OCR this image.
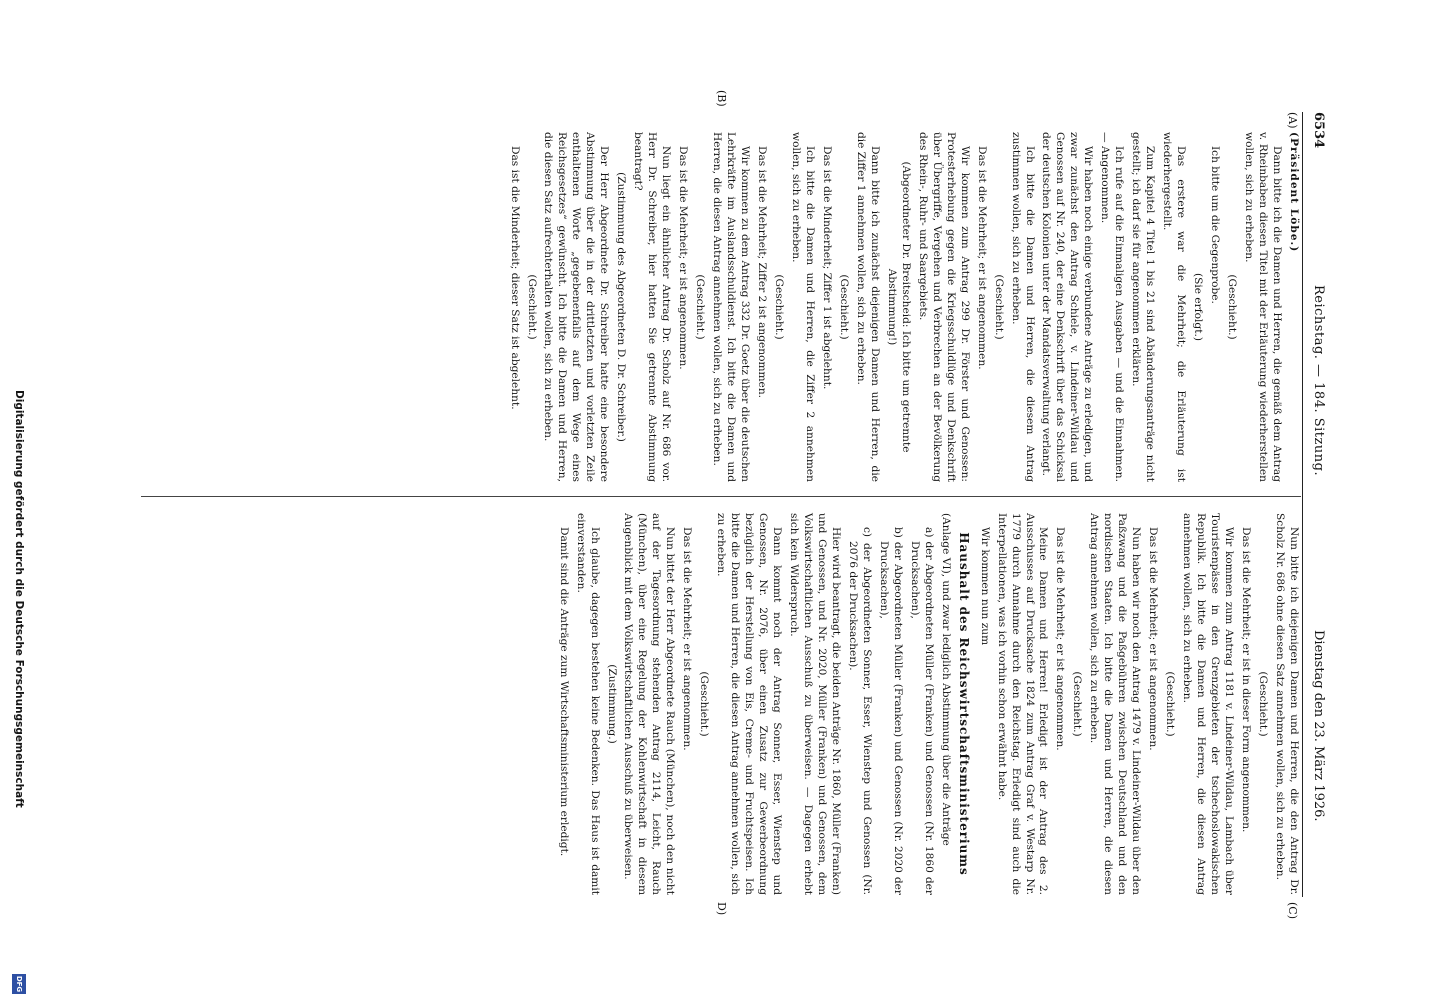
6534
Reichstag. — 184. Sitzung.
Dienstag den 23. März 1926.
(A)
(B)
(C)
D)

(Präsident Löbe.)

Dann bitte ich die Damen und Herren, die gemäß dem Antrag v. Rheinbaben diesen Titel mit der Erläuterung wiederherstellen wollen, sich zu erheben.

(Geschieht.)

Ich bitte um die Gegenprobe.

(Sie erfolgt.)

Das erstere war die Mehrheit; die Erläuterung ist wiederhergestellt.

Zum Kapitel 4 Titel 1 bis 21 sind Abänderungsanträge nicht gestellt; ich darf sie für angenommen erklären.

Ich rufe auf die Einmaligen Ausgaben — und die Einnahmen. — Angenommen.

Wir haben noch einige verbundene Anträge zu erledigen, und zwar zunächst den Antrag Schiele, v. Lindeiner-Wildau und Genossen auf Nr. 240, der eine Denkschrift über das Schicksal der deutschen Kolonien unter der Mandatsverwaltung verlangt.

Ich bitte die Damen und Herren, die diesem Antrag zustimmen wollen, sich zu erheben.

(Geschieht.)

Das ist die Mehrheit; er ist angenommen.

Wir kommen zum Antrag 299 Dr. Förster und Genossen: Protesterhebung gegen die Kriegsschuldlüge und Denkschrift über Übergriffe, Vergehen und Verbrechen an der Bevölkerung des Rhein-, Ruhr- und Saargebiets.

(Abgeordneter Dr. Breitscheid: Ich bitte um getrennte Abstimmung!)

Dann bitte ich zunächst diejenigen Damen und Herren, die die Ziffer 1 annehmen wollen, sich zu erheben.

(Geschieht.)

Das ist die Minderheit; Ziffer 1 ist abgelehnt.

Ich bitte die Damen und Herren, die Ziffer 2 annehmen wollen, sich zu erheben.

(Geschieht.)

Das ist die Mehrheit; Ziffer 2 ist angenommen.

Wir kommen zu dem Antrag 332 Dr. Goetz über die deutschen Lehrkräfte im Auslandsschuldienst. Ich bitte die Damen und Herren, die diesen Antrag annehmen wollen, sich zu erheben.

(Geschieht.)

Das ist die Mehrheit; er ist angenommen.

Nun liegt ein ähnlicher Antrag Dr. Scholz auf Nr. 686 vor. Herr Dr. Schreiber, hier hatten Sie getrennte Abstimmung beantragt?

(Zustimmung des Abgeordneten D. Dr. Schreiber.)

Der Herr Abgeordnete Dr. Schreiber hatte eine besondere Abstimmung über die in der drittletzten und vorletzten Zeile enthaltenen Worte „gegebenenfalls auf dem Wege eines Reichsgesetzes“ gewünscht. Ich bitte die Damen und Herren, die diesen Satz aufrechterhalten wollen, sich zu erheben.

(Geschieht.)

Das ist die Minderheit; dieser Satz ist abgelehnt.

Nun bitte ich diejenigen Damen und Herren, die den Antrag Dr. Scholz Nr. 686 ohne diesen Satz annehmen wollen, sich zu erheben.

(Geschieht.)

Das ist die Mehrheit; er ist in dieser Form angenommen.

Wir kommen zum Antrag 1181 v. Lindeiner-Wildau, Lambach über Touristenpässe in den Grenzgebieten der tschechoslowakischen Republik. Ich bitte die Damen und Herren, die diesen Antrag annehmen wollen, sich zu erheben.

(Geschieht.)

Das ist die Mehrheit; er ist angenommen.

Nun haben wir noch den Antrag 1479 v. Lindeiner-Wildau über den Paßzwang und die Paßgebühren zwischen Deutschland und den nordischen Staaten. Ich bitte die Damen und Herren, die diesen Antrag annehmen wollen, sich zu erheben.

(Geschieht.)

Das ist die Mehrheit; er ist angenommen.

Meine Damen und Herren! Erledigt ist der Antrag des 2. Ausschusses auf Drucksache 1824 zum Antrag Graf v. Westarp Nr. 1779 durch Annahme durch den Reichstag. Erledigt sind auch die Interpellationen, was ich vorhin schon erwähnt habe.

Wir kommen nun zum

Haushalt des Reichswirtschaftsministeriums

(Anlage VI), und zwar lediglich Abstimmung über die Anträge

a) der Abgeordneten Müller (Franken) und Genossen (Nr. 1860 der Drucksachen),

b) der Abgeordneten Müller (Franken) und Genossen (Nr. 2020 der Drucksachen),

c) der Abgeordneten Sonner, Esser, Wienstep und Genossen (Nr. 2076 der Drucksachen).

Hier wird beantragt, die beiden Anträge Nr. 1860, Müller (Franken) und Genossen, und Nr. 2020, Müller (Franken) und Genossen, dem Volkswirtschaftlichen Ausschuß zu überweisen. — Dagegen erhebt sich kein Widerspruch.

Dann kommt noch der Antrag Sonner, Esser, Wienstep und Genossen, Nr. 2076, über einen Zusatz zur Gewerbeordnung bezüglich der Herstellung von Eis, Creme- und Fruchtspeisen. Ich bitte die Damen und Herren, die diesen Antrag annehmen wollen, sich zu erheben.

(Geschieht.)

Das ist die Mehrheit; er ist angenommen.

Nun bittet der Herr Abgeordnete Rauch (München), noch den nicht auf der Tagesordnung stehenden Antrag 2114, Leicht, Rauch (München), über eine Regelung der Kohlenwirtschaft in diesem Augenblick mit dem Volkswirtschaftlichen Ausschuß zu überweisen.

(Zustimmung.)

Ich glaube, dagegen bestehen keine Bedenken. Das Haus ist damit einverstanden.

Damit sind die Anträge zum Wirtschaftsministerium erledigt.

Digitalisierung gefördert durch die Deutsche Forschungsgemeinschaft
DFG
